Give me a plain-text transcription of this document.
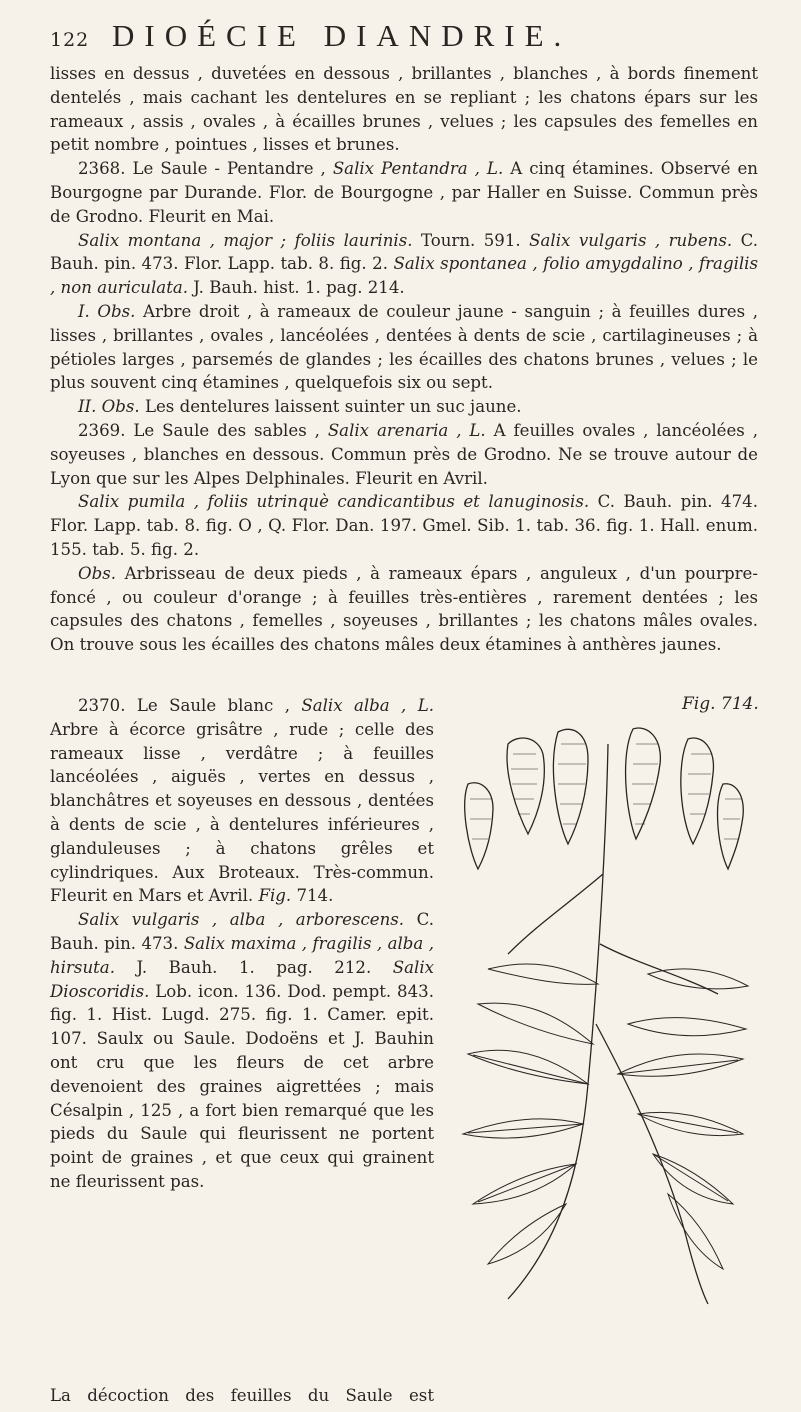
122 DIOÉCIE DIANDRIE.

lisses en dessus , duvetées en dessous , brillantes , blanches , à bords finement dentelés , mais cachant les dentelures en se repliant ; les chatons épars sur les rameaux , assis , ovales , à écailles brunes , velues ; les capsules des femelles en petit nombre , pointues , lisses et brunes.

2368. Le Saule - Pentandre , Salix Pentandra , L. A cinq étamines. Observé en Bourgogne par Durande. Flor. de Bourgogne , par Haller en Suisse. Commun près de Grodno. Fleurit en Mai.

Salix montana , major ; foliis laurinis. Tourn. 591. Salix vulgaris , rubens. C. Bauh. pin. 473. Flor. Lapp. tab. 8. fig. 2. Salix spontanea , folio amygdalino , fragilis , non auriculata. J. Bauh. hist. 1. pag. 214.

I. Obs. Arbre droit , à rameaux de couleur jaune - sanguin ; à feuilles dures , lisses , brillantes , ovales , lancéolées , dentées à dents de scie , cartilagineuses ; à pétioles larges , parsemés de glandes ; les écailles des chatons brunes , velues ; le plus souvent cinq étamines , quelquefois six ou sept.

II. Obs. Les dentelures laissent suinter un suc jaune.

2369. Le Saule des sables , Salix arenaria , L. A feuilles ovales , lancéolées , soyeuses , blanches en dessous. Commun près de Grodno. Ne se trouve autour de Lyon que sur les Alpes Delphinales. Fleurit en Avril.

Salix pumila , foliis utrinquè candicantibus et lanuginosis. C. Bauh. pin. 474. Flor. Lapp. tab. 8. fig. O , Q. Flor. Dan. 197. Gmel. Sib. 1. tab. 36. fig. 1. Hall. enum. 155. tab. 5. fig. 2.

Obs. Arbrisseau de deux pieds , à rameaux épars , anguleux , d'un pourpre-foncé , ou couleur d'orange ; à feuilles très-entières , rarement dentées ; les capsules des chatons , femelles , soyeuses , brillantes ; les chatons mâles ovales. On trouve sous les écailles des chatons mâles deux étamines à anthères jaunes.

Fig. 714.

2370. Le Saule blanc , Salix alba , L. Arbre à écorce grisâtre , rude ; celle des rameaux lisse , verdâtre ; à feuilles lancéolées , aiguës , vertes en dessus , blanchâtres et soyeuses en dessous , dentées à dents de scie , à dentelures inférieures , glanduleuses ; à chatons grêles et cylindriques. Aux Broteaux. Très-commun. Fleurit en Mars et Avril. Fig. 714.

Salix vulgaris , alba , arborescens. C. Bauh. pin. 473. Salix maxima , fragilis , alba , hirsuta. J. Bauh. 1. pag. 212. Salix Dioscoridis. Lob. icon. 136. Dod. pempt. 843. fig. 1. Hist. Lugd. 275. fig. 1. Camer. epit. 107. Saulx ou Saule. Dodoëns et J. Bauhin ont cru que les fleurs de cet arbre devenoient des graines aigrettées ; mais Césalpin , 125 , a fort bien remarqué que les pieds du Saule qui fleurissent ne portent point de graines , et que ceux qui grainent ne fleurissent pas.

La décoction des feuilles du Saule est
